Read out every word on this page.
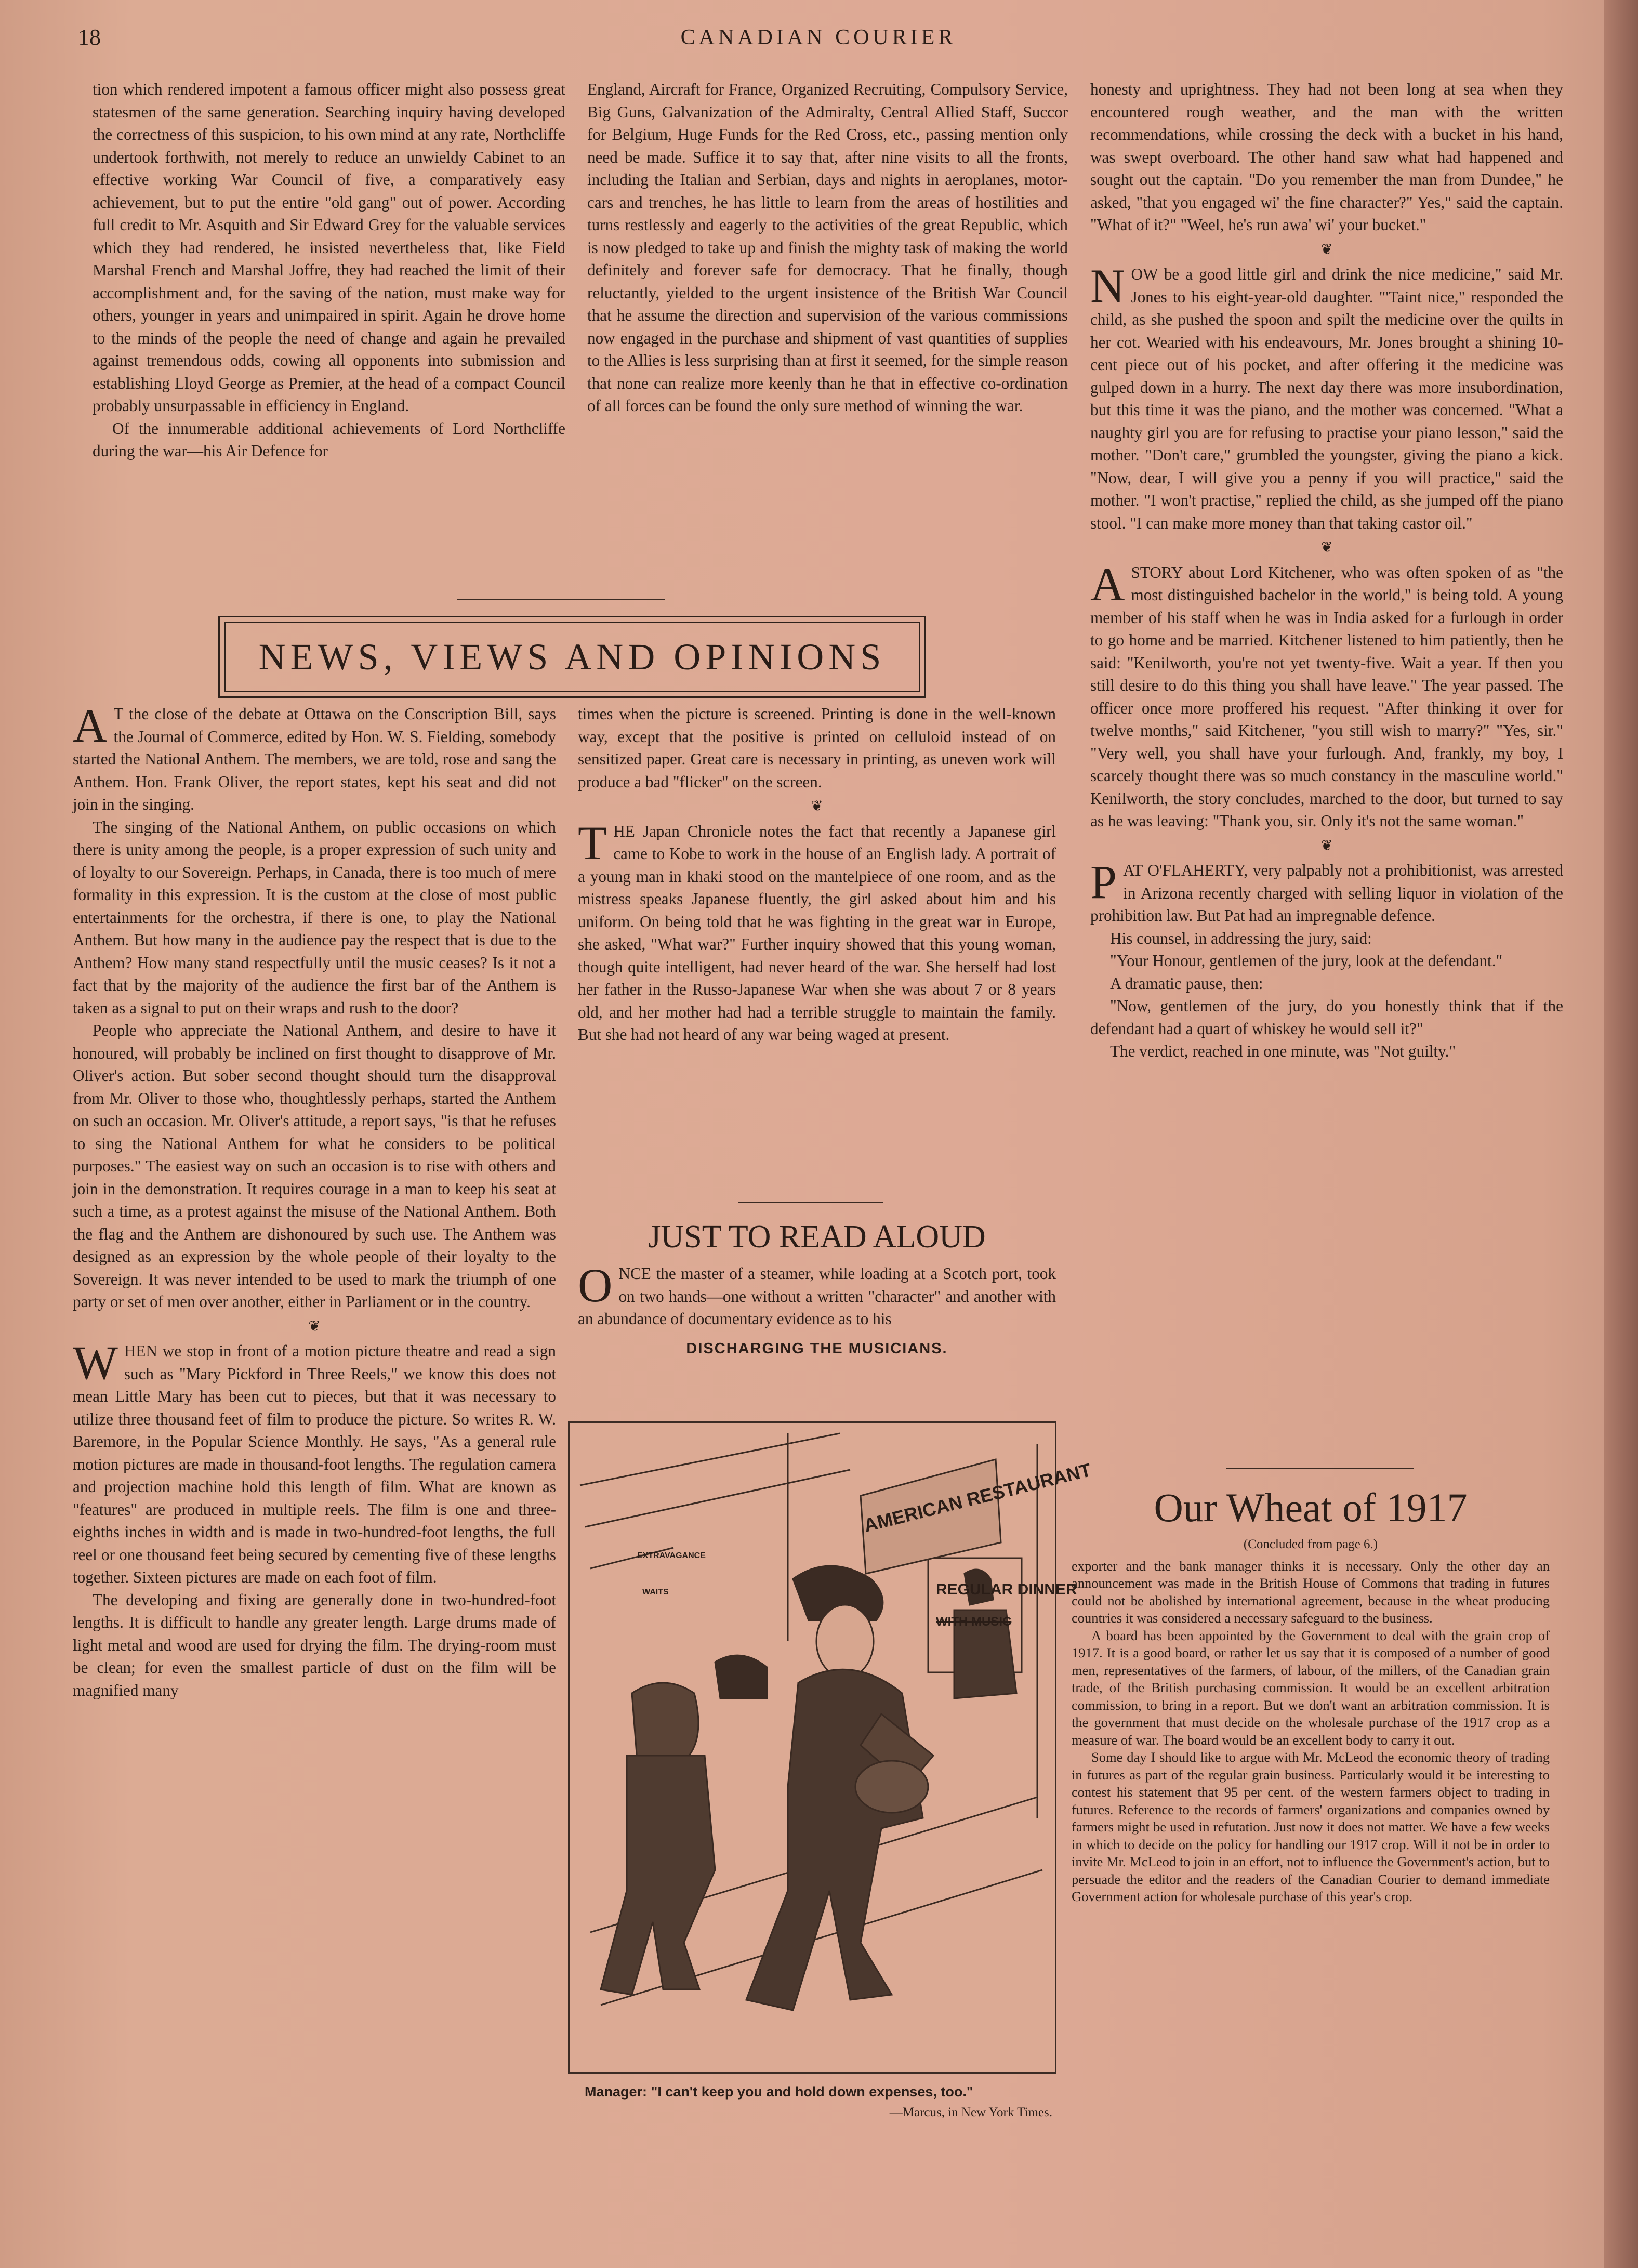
18	CANADIAN COURIER

tion which rendered impotent a famous officer might also possess great statesmen of the same generation. Searching inquiry having developed the correctness of this suspicion, to his own mind at any rate, Northcliffe undertook forthwith, not merely to reduce an unwieldy Cabinet to an effective working War Council of five, a comparatively easy achievement, but to put the entire "old gang" out of power. According full credit to Mr. Asquith and Sir Edward Grey for the valuable services which they had rendered, he insisted nevertheless that, like Field Marshal French and Marshal Joffre, they had reached the limit of their accomplishment and, for the saving of the nation, must make way for others, younger in years and unimpaired in spirit. Again he drove home to the minds of the people the need of change and again he prevailed against tremendous odds, cowing all opponents into submission and establishing Lloyd George as Premier, at the head of a compact Council probably unsurpassable in efficiency in England.

Of the innumerable additional achievements of Lord Northcliffe during the war—his Air Defence for

England, Aircraft for France, Organized Recruiting, Compulsory Service, Big Guns, Galvanization of the Admiralty, Central Allied Staff, Succor for Belgium, Huge Funds for the Red Cross, etc., passing mention only need be made. Suffice it to say that, after nine visits to all the fronts, including the Italian and Serbian, days and nights in aeroplanes, motor-cars and trenches, he has little to learn from the areas of hostilities and turns restlessly and eagerly to the activities of the great Republic, which is now pledged to take up and finish the mighty task of making the world definitely and forever safe for democracy. That he finally, though reluctantly, yielded to the urgent insistence of the British War Council that he assume the direction and supervision of the various commissions now engaged in the purchase and shipment of vast quantities of supplies to the Allies is less surprising than at first it seemed, for the simple reason that none can realize more keenly than he that in effective co-ordination of all forces can be found the only sure method of winning the war.

NEWS, VIEWS AND OPINIONS

A T the close of the debate at Ottawa on the Conscription Bill, says the Journal of Commerce, edited by Hon. W. S. Fielding, somebody started the National Anthem. The members, we are told, rose and sang the Anthem. Hon. Frank Oliver, the report states, kept his seat and did not join in the singing.

The singing of the National Anthem, on public occasions on which there is unity among the people, is a proper expression of such unity and of loyalty to our Sovereign. Perhaps, in Canada, there is too much of mere formality in this expression. It is the custom at the close of most public entertainments for the orchestra, if there is one, to play the National Anthem. But how many in the audience pay the respect that is due to the Anthem? How many stand respectfully until the music ceases? Is it not a fact that by the majority of the audience the first bar of the Anthem is taken as a signal to put on their wraps and rush to the door?

People who appreciate the National Anthem, and desire to have it honoured, will probably be inclined on first thought to disapprove of Mr. Oliver's action. But sober second thought should turn the disapproval from Mr. Oliver to those who, thoughtlessly perhaps, started the Anthem on such an occasion. Mr. Oliver's attitude, a report says, "is that he refuses to sing the National Anthem for what he considers to be political purposes." The easiest way on such an occasion is to rise with others and join in the demonstration. It requires courage in a man to keep his seat at such a time, as a protest against the misuse of the National Anthem. Both the flag and the Anthem are dishonoured by such use. The Anthem was designed as an expression by the whole people of their loyalty to the Sovereign. It was never intended to be used to mark the triumph of one party or set of men over another, either in Parliament or in the country.

❦

WHEN we stop in front of a motion picture theatre and read a sign such as "Mary Pickford in Three Reels," we know this does not mean Little Mary has been cut to pieces, but that it was necessary to utilize three thousand feet of film to produce the picture. So writes R. W. Baremore, in the Popular Science Monthly. He says, "As a general rule motion pictures are made in thousand-foot lengths. The regulation camera and projection machine hold this length of film. What are known as "features" are produced in multiple reels. The film is one and three-eighths inches in width and is made in two-hundred-foot lengths, the full reel or one thousand feet being secured by cementing five of these lengths together. Sixteen pictures are made on each foot of film.

The developing and fixing are generally done in two-hundred-foot lengths. It is difficult to handle any greater length. Large drums made of light metal and wood are used for drying the film. The drying-room must be clean; for even the smallest particle of dust on the film will be magnified many

times when the picture is screened. Printing is done in the well-known way, except that the positive is printed on celluloid instead of on sensitized paper. Great care is necessary in printing, as uneven work will produce a bad "flicker" on the screen.

❦

THE Japan Chronicle notes the fact that recently a Japanese girl came to Kobe to work in the house of an English lady. A portrait of a young man in khaki stood on the mantelpiece of one room, and as the mistress speaks Japanese fluently, the girl asked about him and his uniform. On being told that he was fighting in the great war in Europe, she asked, "What war?" Further inquiry showed that this young woman, though quite intelligent, had never heard of the war. She herself had lost her father in the Russo-Japanese War when she was about 7 or 8 years old, and her mother had had a terrible struggle to maintain the family. But she had not heard of any war being waged at present.

JUST TO READ ALOUD

ONCE the master of a steamer, while loading at a Scotch port, took on two hands—one without a written "character" and another with an abundance of documentary evidence as to his

DISCHARGING THE MUSICIANS.
AMERICAN RESTAURANT
REGULAR DINNER
WITH MUSIC
EXTRAVAGANCE
WAITS
Manager: "I can't keep you and hold down expenses, too."
—Marcus, in New York Times.

honesty and uprightness. They had not been long at sea when they encountered rough weather, and the man with the written recommendations, while crossing the deck with a bucket in his hand, was swept overboard. The other hand saw what had happened and sought out the captain. "Do you remember the man from Dundee," he asked, "that you engaged wi' the fine character?" Yes," said the captain. "What of it?" "Weel, he's run awa' wi' your bucket."

❦

NOW be a good little girl and drink the nice medicine," said Mr. Jones to his eight-year-old daughter. "'Taint nice," responded the child, as she pushed the spoon and spilt the medicine over the quilts in her cot. Wearied with his endeavours, Mr. Jones brought a shining 10-cent piece out of his pocket, and after offering it the medicine was gulped down in a hurry. The next day there was more insubordination, but this time it was the piano, and the mother was concerned. "What a naughty girl you are for refusing to practise your piano lesson," said the mother. "Don't care," grumbled the youngster, giving the piano a kick. "Now, dear, I will give you a penny if you will practice," said the mother. "I won't practise," replied the child, as she jumped off the piano stool. "I can make more money than that taking castor oil."

❦

ASTORY about Lord Kitchener, who was often spoken of as "the most distinguished bachelor in the world," is being told. A young member of his staff when he was in India asked for a furlough in order to go home and be married. Kitchener listened to him patiently, then he said: "Kenilworth, you're not yet twenty-five. Wait a year. If then you still desire to do this thing you shall have leave." The year passed. The officer once more proffered his request. "After thinking it over for twelve months," said Kitchener, "you still wish to marry?" "Yes, sir." "Very well, you shall have your furlough. And, frankly, my boy, I scarcely thought there was so much constancy in the masculine world." Kenilworth, the story concludes, marched to the door, but turned to say as he was leaving: "Thank you, sir. Only it's not the same woman."

❦

PAT O'FLAHERTY, very palpably not a prohibitionist, was arrested in Arizona recently charged with selling liquor in violation of the prohibition law. But Pat had an impregnable defence.

His counsel, in addressing the jury, said:

"Your Honour, gentlemen of the jury, look at the defendant."

A dramatic pause, then:

"Now, gentlemen of the jury, do you honestly think that if the defendant had a quart of whiskey he would sell it?"

The verdict, reached in one minute, was "Not guilty."

Our Wheat of 1917
(Concluded from page 6.)

exporter and the bank manager thinks it is necessary. Only the other day an announcement was made in the British House of Commons that trading in futures could not be abolished by international agreement, because in the wheat producing countries it was considered a necessary safeguard to the business.

A board has been appointed by the Government to deal with the grain crop of 1917. It is a good board, or rather let us say that it is composed of a number of good men, representatives of the farmers, of labour, of the millers, of the Canadian grain trade, of the British purchasing commission. It would be an excellent arbitration commission, to bring in a report. But we don't want an arbitration commission. It is the government that must decide on the wholesale purchase of the 1917 crop as a measure of war. The board would be an excellent body to carry it out.

Some day I should like to argue with Mr. McLeod the economic theory of trading in futures as part of the regular grain business. Particularly would it be interesting to contest his statement that 95 per cent. of the western farmers object to trading in futures. Reference to the records of farmers' organizations and companies owned by farmers might be used in refutation. Just now it does not matter. We have a few weeks in which to decide on the policy for handling our 1917 crop. Will it not be in order to invite Mr. McLeod to join in an effort, not to influence the Government's action, but to persuade the editor and the readers of the Canadian Courier to demand immediate Government action for wholesale purchase of this year's crop.
